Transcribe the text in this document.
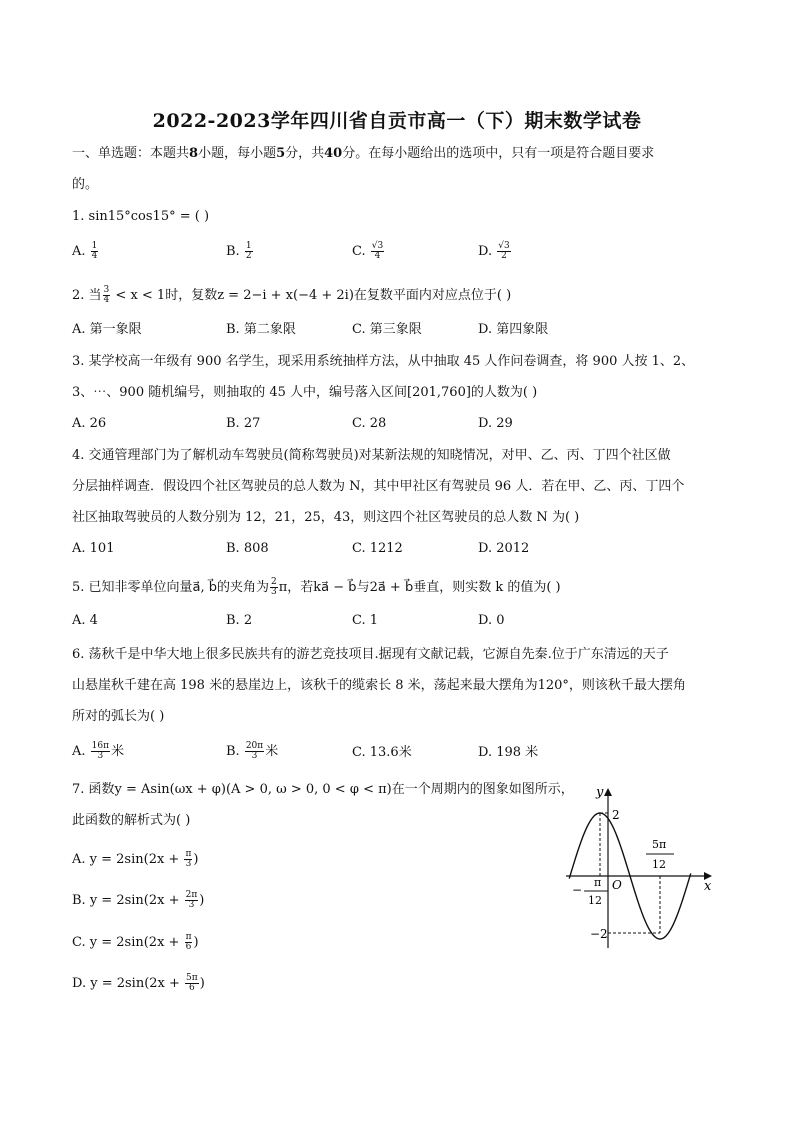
2022-2023学年四川省自贡市高一（下）期末数学试卷
一、单选题：本题共8小题，每小题5分，共40分。在每小题给出的选项中，只有一项是符合题目要求
的。
1. sin15°cos15° = ( )
A. $\frac{1}{4}$	B. $\frac{1}{2}$	C. $\frac{√3}{4}$	D. $\frac{√3}{2}$
2. 当 $\frac{3}{4} < x < 1$时，复数z = 2−i + x(−4 + 2i)在复数平面内对应点位于( )
A. 第一象限	B. 第二象限	C. 第三象限	D. 第四象限
3. 某学校高一年级有 900 名学生，现采用系统抽样方法，从中抽取 45 人作问卷调查，将 900 人按 1、2、
3、⋯、900 随机编号，则抽取的 45 人中，编号落入区间[201,760]的人数为( )
A. 26	B. 27	C. 28	D. 29
4. 交通管理部门为了解机动车驾驶员(简称驾驶员)对某新法规的知晓情况，对甲、乙、丙、丁四个社区做
分层抽样调查．假设四个社区驾驶员的总人数为 N，其中甲社区有驾驶员 96 人．若在甲、乙、丙、丁四个
社区抽取驾驶员的人数分别为 12，21，25，43，则这四个社区驾驶员的总人数 N 为( )
A. 101	B. 808	C. 1212	D. 2012
5. 已知非零单位向量a⃗, b⃗的夹角为 $\frac{2}{3}$ π，若ka⃗ − b⃗与2a⃗ + b⃗垂直，则实数 k 的值为( )
A. 4	B. 2	C. 1	D. 0
6. 荡秋千是中华大地上很多民族共有的游艺竞技项目.据现有文献记载，它源自先秦.位于广东清远的天子
山悬崖秋千建在高 198 米的悬崖边上，该秋千的缆索长 8 米，荡起来最大摆角为120°，则该秋千最大摆角
所对的弧长为( )
A. $\frac{16\pi}{3}$ 米	B. $\frac{20\pi}{3}$ 米	C. 13.6米	D. 198 米
7. 函数y = Asin(ωx + φ)(A > 0, ω > 0, 0 < φ < π)在一个周期内的图象如图所示，
此函数的解析式为( )
A. $y = 2\sin(2x + \frac{\pi}{3}$ )
B. $y = 2\sin(2x + \frac{2\pi}{3}$ )
C. $y = 2\sin(2x + \frac{\pi}{6}$ )
D. $y = 2\sin(2x + \frac{5\pi}{6}$ )
y
x
O
2
−2
−
π
12
5π
12
